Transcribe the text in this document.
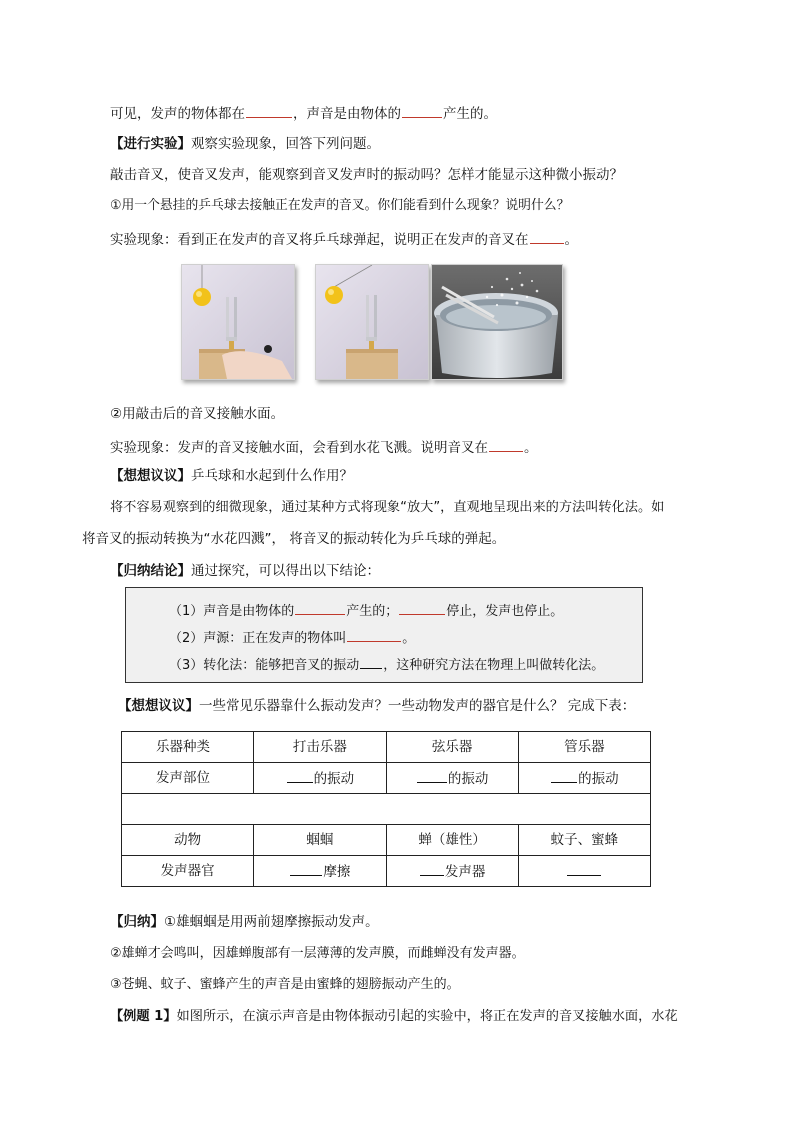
可见，发声的物体都在	，声音是由物体的	产生的。
【进行实验】观察实验现象，回答下列问题。
敲击音叉，使音叉发声，能观察到音叉发声时的振动吗？怎样才能显示这种微小振动？
①用一个悬挂的乒乓球去接触正在发声的音叉。你们能看到什么现象？说明什么？
实验现象：看到正在发声的音叉将乒乓球弹起，说明正在发声的音叉在	。
②用敲击后的音叉接触水面。
实验现象：发声的音叉接触水面，会看到水花飞溅。说明音叉在	。
【想想议议】乒乓球和水起到什么作用？
将不容易观察到的细微现象，通过某种方式将现象“放大”，直观地呈现出来的方法叫转化法。如
将音叉的振动转换为“水花四溅”， 将音叉的振动转化为乒乓球的弹起。
【归纳结论】通过探究，可以得出以下结论：
（1）声音是由物体的	产生的；	停止，发声也停止。
（2）声源：正在发声的物体叫	。
（3）转化法：能够把音叉的振动 ，这种研究方法在物理上叫做转化法。
【想想议议】一些常见乐器靠什么振动发声？一些动物发声的器官是什么？ 完成下表：
乐器种类	打击乐器	弦乐器	管乐器
发声部位	的振动	的振动	的振动

动物	蝈蝈	蝉（雄性）	蚊子、蜜蜂
发声器官	摩擦	发声器	
【归纳】①雄蝈蝈是用两前翅摩擦振动发声。
②雄蝉才会鸣叫，因雄蝉腹部有一层薄薄的发声膜，而雌蝉没有发声器。
③苍蝇、蚊子、蜜蜂产生的声音是由蜜蜂的翅膀振动产生的。
【例题 1】如图所示，在演示声音是由物体振动引起的实验中，将正在发声的音叉接触水面，水花
